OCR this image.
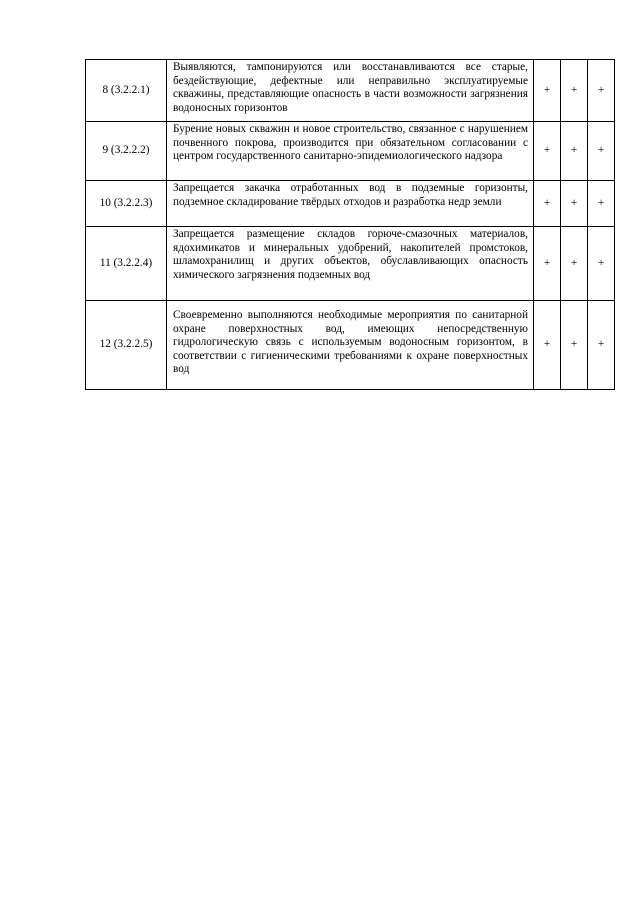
8 (3.2.2.1)	Выявляются, тампонируются или восстанавливаются все старые, бездействующие, дефектные или неправильно эксплуатируемые скважины, представляющие опасность в части возможности загрязнения водоносных горизонтов	+	+	+
9 (3.2.2.2)	Бурение новых скважин и новое строительство, связанное с нарушением почвенного покрова, производится при обязательном согласовании с центром государственного санитарно-эпидемиологического надзора	+	+	+
10 (3.2.2.3)	Запрещается закачка отработанных вод в подземные горизонты, подземное складирование твёрдых отходов и разработка недр земли	+	+	+
11 (3.2.2.4)	Запрещается размещение складов горюче-смазочных материалов, ядохимикатов и минеральных удобрений, накопителей промстоков, шламохранилищ и других объектов, обуславливающих опасность химического загрязнения подземных вод	+	+	+
12 (3.2.2.5)	Своевременно выполняются необходимые мероприятия по санитарной охране поверхностных вод, имеющих непосредственную гидрологическую связь с используемым водоносным горизонтом, в соответствии с гигиеническими требованиями к охране поверхностных вод	+	+	+
